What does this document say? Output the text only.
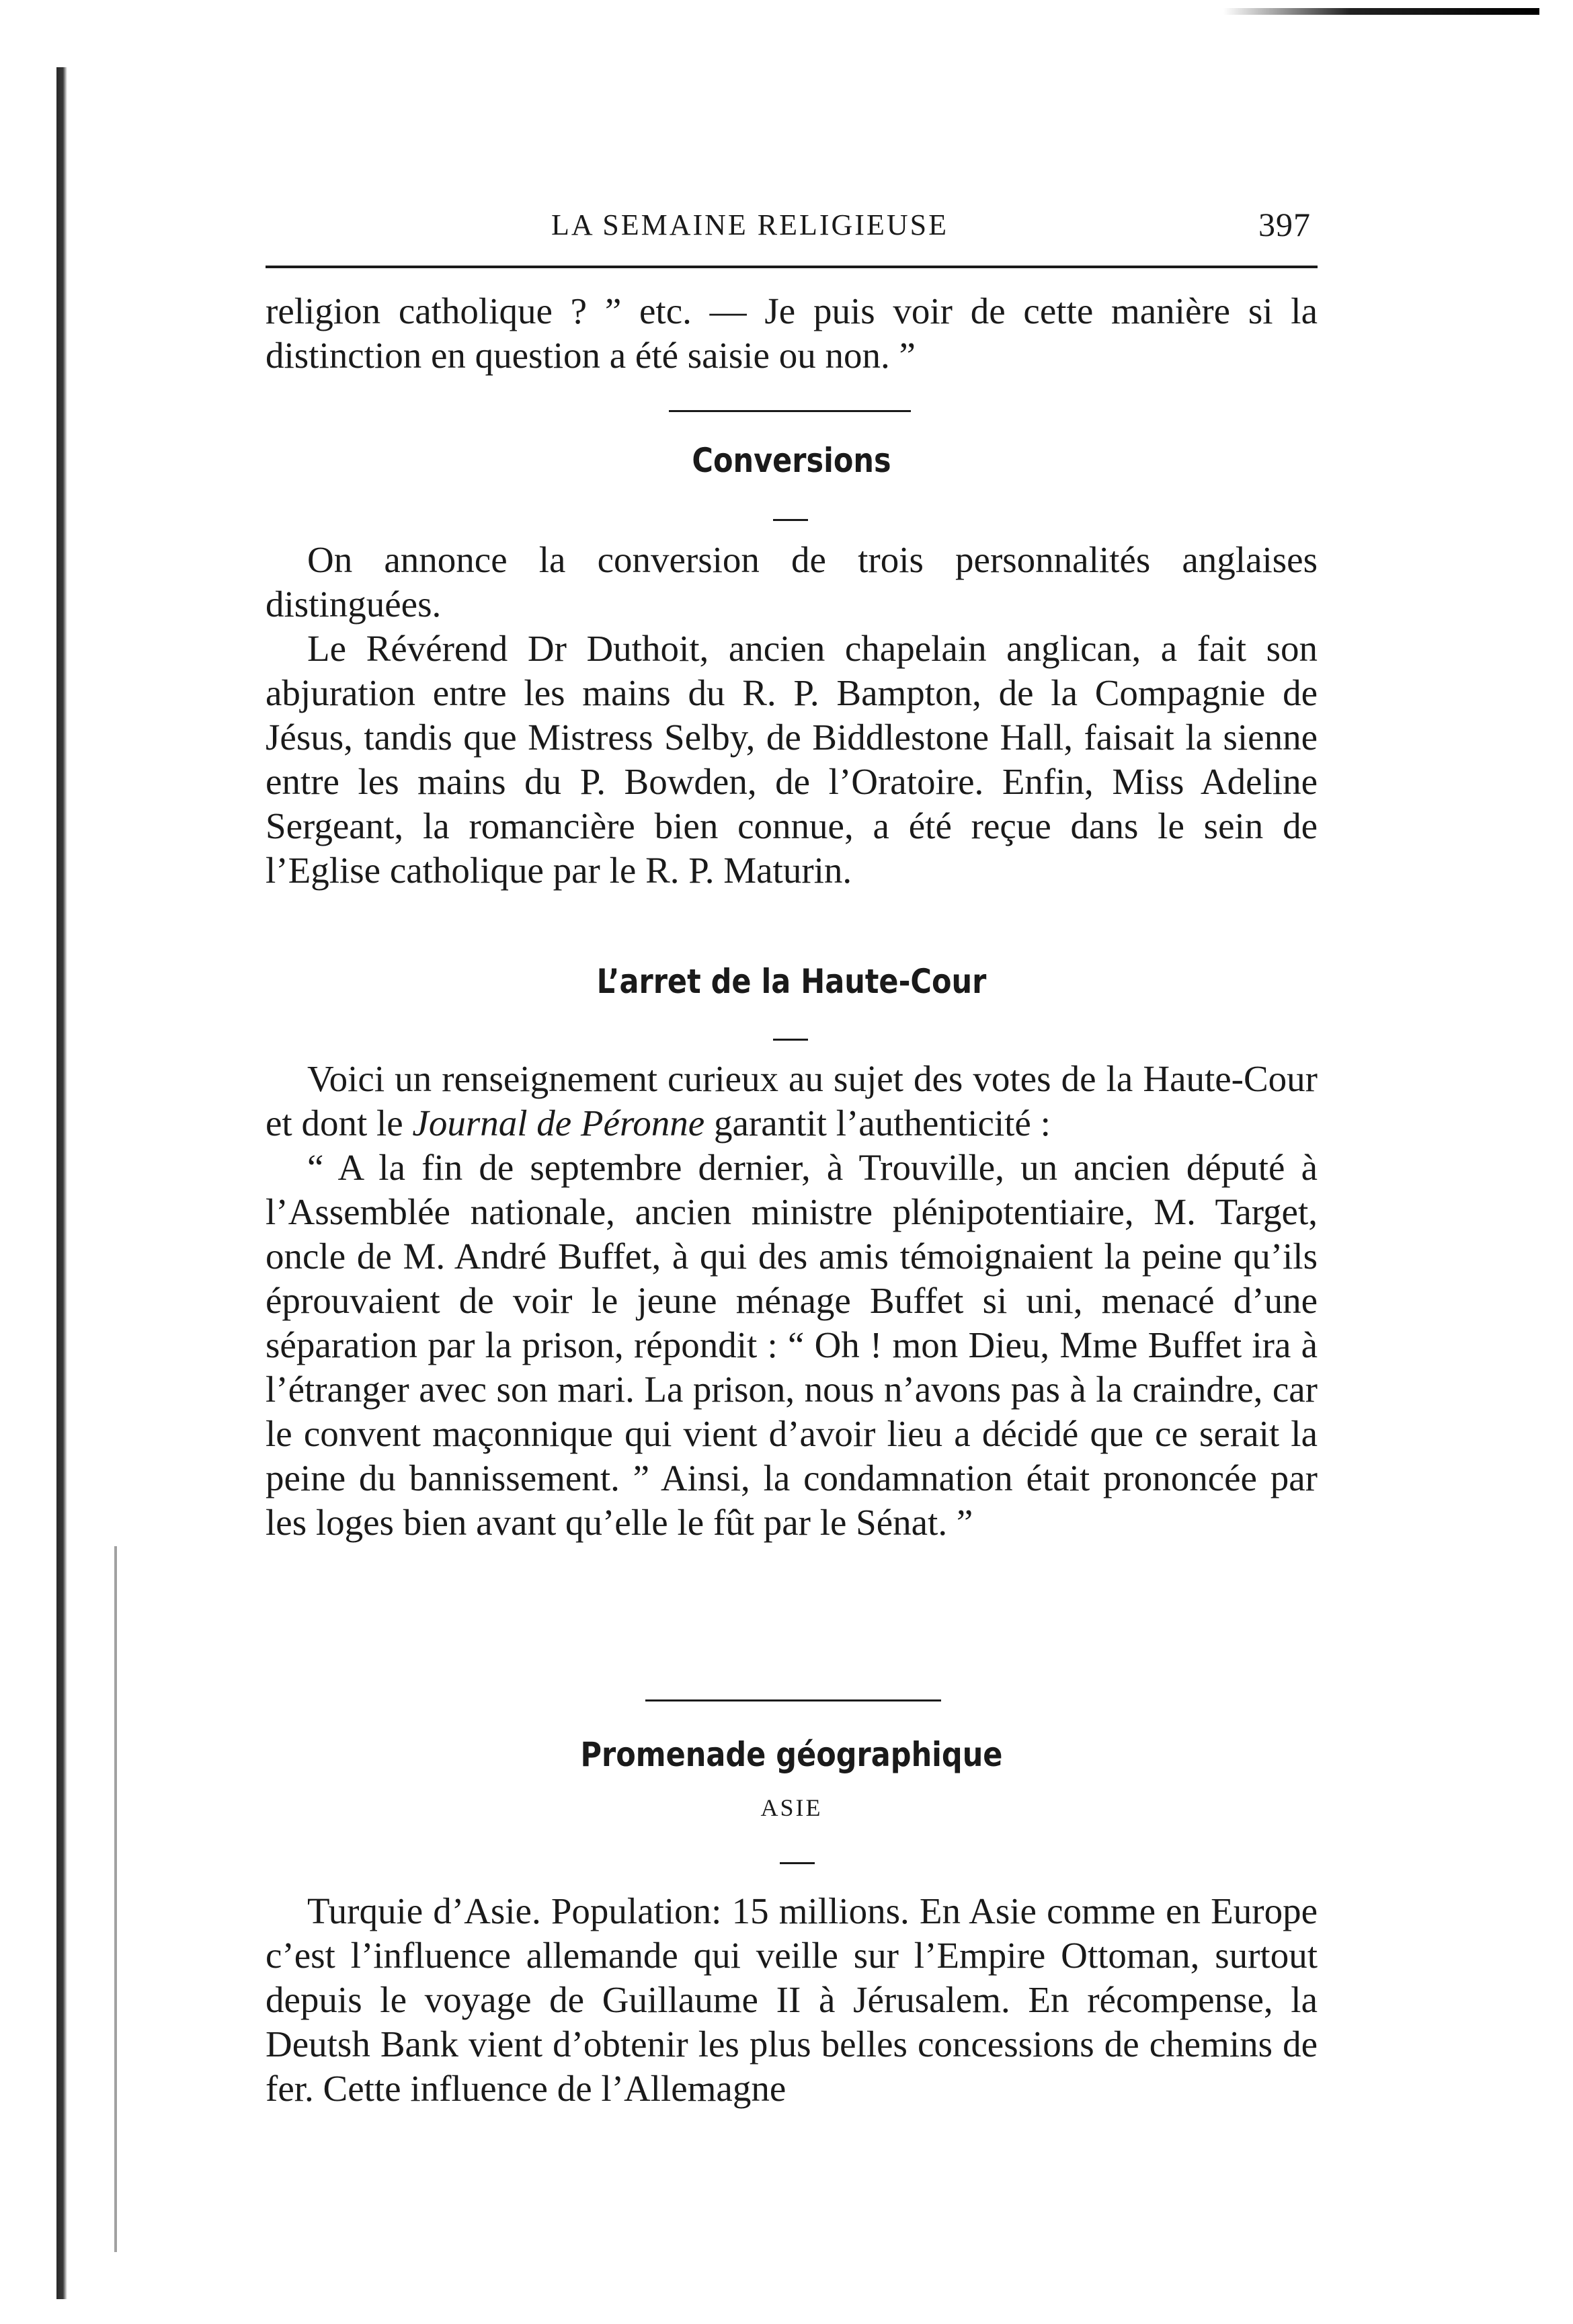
LA SEMAINE RELIGIEUSE	397

religion catholique ? ” etc. — Je puis voir de cette manière si la distinction en question a été saisie ou non. ”

Conversions

On annonce la conversion de trois personnalités anglaises distinguées.

Le Révérend Dr Duthoit, ancien chapelain anglican, a fait son abjuration entre les mains du R. P. Bampton, de la Compagnie de Jésus, tandis que Mistress Selby, de Biddlestone Hall, faisait la sienne entre les mains du P. Bowden, de l’Oratoire. Enfin, Miss Adeline Sergeant, la romancière bien connue, a été reçue dans le sein de l’Eglise catholique par le R. P. Maturin.

L’arret de la Haute-Cour

Voici un renseignement curieux au sujet des votes de la Haute-Cour et dont le Journal de Péronne garantit l’authenticité :

“ A la fin de septembre dernier, à Trouville, un ancien député à l’Assemblée nationale, ancien ministre plénipotentiaire, M. Target, oncle de M. André Buffet, à qui des amis témoignaient la peine qu’ils éprouvaient de voir le jeune ménage Buffet si uni, menacé d’une séparation par la prison, répondit : “ Oh ! mon Dieu, Mme Buffet ira à l’étranger avec son mari. La prison, nous n’avons pas à la craindre, car le convent maçonnique qui vient d’avoir lieu a décidé que ce serait la peine du bannissement. ” Ainsi, la condamnation était prononcée par les loges bien avant qu’elle le fût par le Sénat. ”

Promenade géographique
ASIE

Turquie d’Asie. Population: 15 millions. En Asie comme en Europe c’est l’influence allemande qui veille sur l’Empire Ottoman, surtout depuis le voyage de Guillaume II à Jérusalem. En récompense, la Deutsh Bank vient d’obtenir les plus belles concessions de chemins de fer. Cette influence de l’Allemagne
